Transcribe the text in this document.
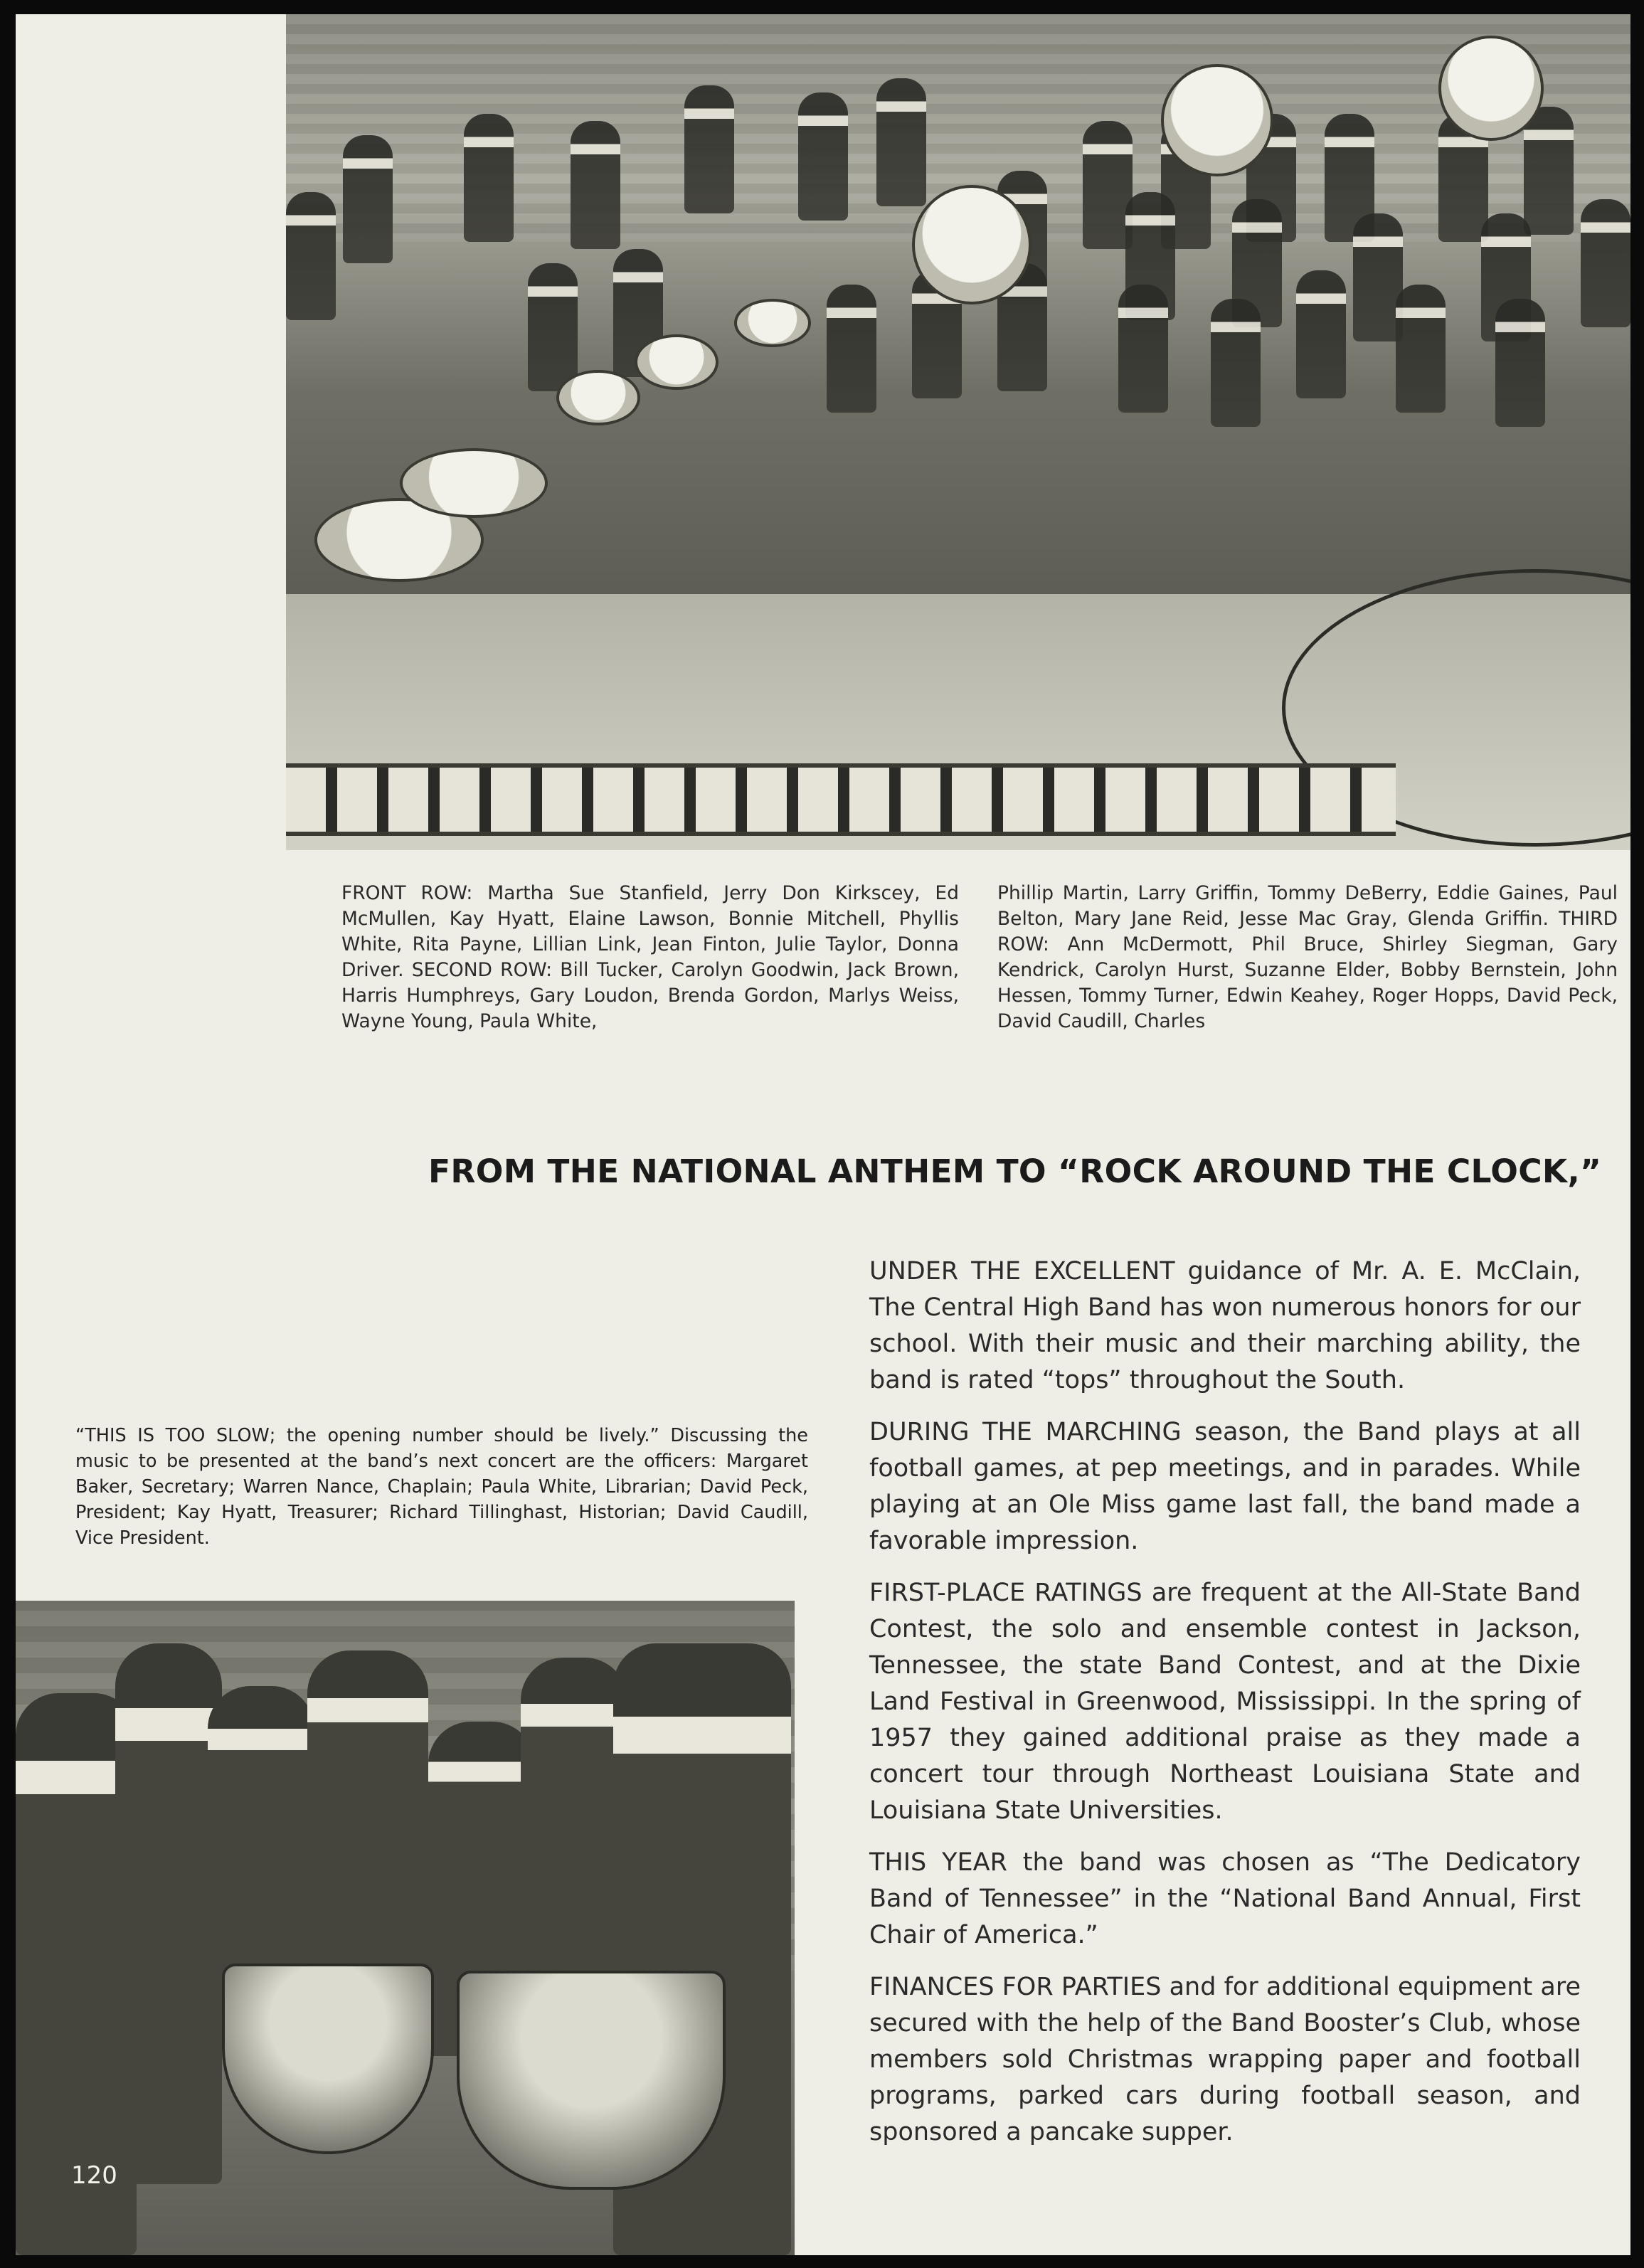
FRONT ROW: Martha Sue Stanfield, Jerry Don Kirkscey, Ed McMullen, Kay Hyatt, Elaine Lawson, Bonnie Mitchell, Phyllis White, Rita Payne, Lillian Link, Jean Finton, Julie Taylor, Donna Driver. SECOND ROW: Bill Tucker, Carolyn Goodwin, Jack Brown, Harris Humphreys, Gary Loudon, Brenda Gordon, Marlys Weiss, Wayne Young, Paula White,
Phillip Martin, Larry Griffin, Tommy DeBerry, Eddie Gaines, Paul Belton, Mary Jane Reid, Jesse Mac Gray, Glenda Griffin. THIRD ROW: Ann McDermott, Phil Bruce, Shirley Siegman, Gary Kendrick, Carolyn Hurst, Suzanne Elder, Bobby Bernstein, John Hessen, Tommy Turner, Edwin Keahey, Roger Hopps, David Peck, David Caudill, Charles
FROM THE NATIONAL ANTHEM TO “ROCK AROUND THE CLOCK,”
“THIS IS TOO SLOW; the opening number should be lively.” Discussing the music to be presented at the band’s next concert are the officers: Margaret Baker, Secretary; Warren Nance, Chaplain; Paula White, Librarian; David Peck, President; Kay Hyatt, Treasurer; Richard Tillinghast, Historian; David Caudill, Vice President.

UNDER THE EXCELLENT guidance of Mr. A. E. McClain, The Central High Band has won numerous honors for our school. With their music and their marching ability, the band is rated “tops” throughout the South.

DURING THE MARCHING season, the Band plays at all football games, at pep meetings, and in parades. While playing at an Ole Miss game last fall, the band made a favorable impression.

FIRST-PLACE RATINGS are frequent at the All-State Band Contest, the solo and ensemble contest in Jackson, Tennessee, the state Band Contest, and at the Dixie Land Festival in Greenwood, Mississippi. In the spring of 1957 they gained additional praise as they made a concert tour through Northeast Louisiana State and Louisiana State Universities.

THIS YEAR the band was chosen as “The Dedicatory Band of Tennessee” in the “National Band Annual, First Chair of America.”

FINANCES FOR PARTIES and for additional equipment are secured with the help of the Band Booster’s Club, whose members sold Christmas wrapping paper and football programs, parked cars during football season, and sponsored a pancake supper.

120
